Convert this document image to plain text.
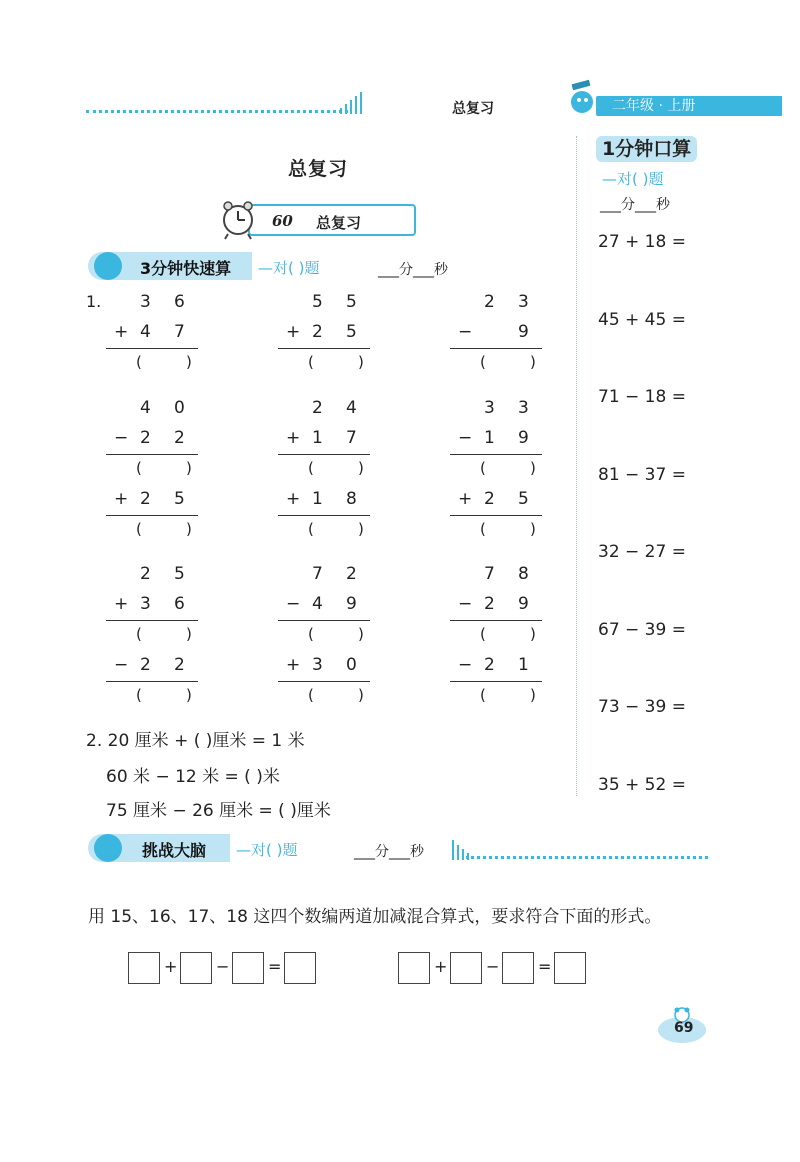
总复习	二年级 · 上册
总复习
60 总复习
3分钟快速算 —对( )题	___分___秒
1. 3 6
+ 4 7
(	)
5 5
+ 2 5
(	)
2 3
−	9
(	)
4 0
− 2 2
(	)
+ 2 5
(	)
2 4
+ 1 7
(	)
+ 1 8
(	)
3 3
− 1 9
(	)
+ 2 5
(	)
2 5
+ 3 6
(	)
− 2 2
(	)
7 2
− 4 9
(	)
+ 3 0
(	)
7 8
− 2 9
(	)
− 2 1
(	)
2. 20 厘米 + ( )厘米 = 1 米
60 米 − 12 米 = ( )米
75 厘米 − 26 厘米 = ( )厘米
1分钟口算
—对( )题
___分___秒
27 + 18 =
45 + 45 =
71 − 18 =
81 − 37 =
32 − 27 =
67 − 39 =
73 − 39 =
35 + 52 =
挑战大脑 —对( )题	___分___秒
用 15、16、17、18 这四个数编两道加减混合算式，要求符合下面的形式。
+ − =	+ − =
69
